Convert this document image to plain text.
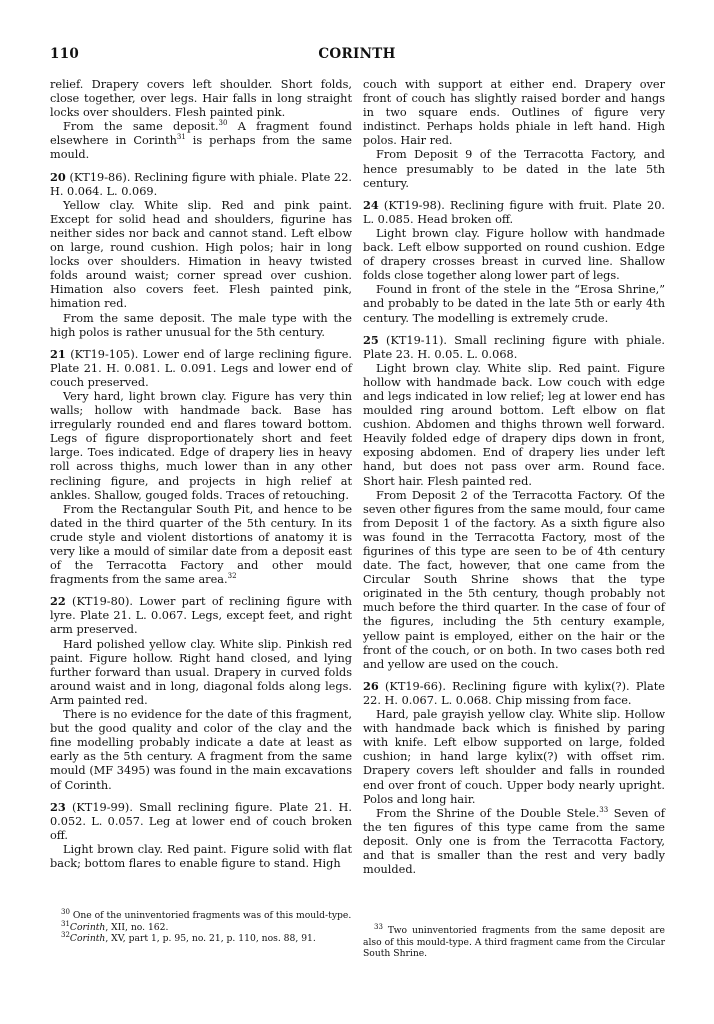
110	CORINTH

relief. Drapery covers left shoulder. Short folds, close together, over legs. Hair falls in long straight locks over shoulders. Flesh painted pink.

From the same deposit.$^{30}$ A fragment found elsewhere in Corinth$^{31}$ is perhaps from the same mould.

20 (KT19-86). Reclining figure with phiale. Plate 22. H. 0.064. L. 0.069.

Yellow clay. White slip. Red and pink paint. Except for solid head and shoulders, figurine has neither sides nor back and cannot stand. Left elbow on large, round cushion. High polos; hair in long locks over shoulders. Himation in heavy twisted folds around waist; corner spread over cushion. Himation also covers feet. Flesh painted pink, himation red.

From the same deposit. The male type with the high polos is rather unusual for the 5th century.

21 (KT19-105). Lower end of large reclining figure. Plate 21. H. 0.081. L. 0.091. Legs and lower end of couch preserved.

Very hard, light brown clay. Figure has very thin walls; hollow with handmade back. Base has irregularly rounded end and flares toward bottom. Legs of figure disproportionately short and feet large. Toes indicated. Edge of drapery lies in heavy roll across thighs, much lower than in any other reclining figure, and projects in high relief at ankles. Shallow, gouged folds. Traces of retouching.

From the Rectangular South Pit, and hence to be dated in the third quarter of the 5th century. In its crude style and violent distortions of anatomy it is very like a mould of similar date from a deposit east of the Terracotta Factory and other mould fragments from the same area.$^{32}$

22 (KT19-80). Lower part of reclining figure with lyre. Plate 21. L. 0.067. Legs, except feet, and right arm preserved.

Hard polished yellow clay. White slip. Pinkish red paint. Figure hollow. Right hand closed, and lying further forward than usual. Drapery in curved folds around waist and in long, diagonal folds along legs. Arm painted red.

There is no evidence for the date of this fragment, but the good quality and color of the clay and the fine modelling probably indicate a date at least as early as the 5th century. A fragment from the same mould (MF 3495) was found in the main excavations of Corinth.

23 (KT19-99). Small reclining figure. Plate 21. H. 0.052. L. 0.057. Leg at lower end of couch broken off.

Light brown clay. Red paint. Figure solid with flat back; bottom flares to enable figure to stand. High

$^{30}$ One of the uninventoried fragments was of this mould-type.

$^{31}$Corinth, XII, no. 162.

$^{32}$Corinth, XV, part 1, p. 95, no. 21, p. 110, nos. 88, 91.

couch with support at either end. Drapery over front of couch has slightly raised border and hangs in two square ends. Outlines of figure very indistinct. Perhaps holds phiale in left hand. High polos. Hair red.

From Deposit 9 of the Terracotta Factory, and hence presumably to be dated in the late 5th century.

24 (KT19-98). Reclining figure with fruit. Plate 20. L. 0.085. Head broken off.

Light brown clay. Figure hollow with handmade back. Left elbow supported on round cushion. Edge of drapery crosses breast in curved line. Shallow folds close together along lower part of legs.

Found in front of the stele in the “Erosa Shrine,” and probably to be dated in the late 5th or early 4th century. The modelling is extremely crude.

25 (KT19-11). Small reclining figure with phiale. Plate 23. H. 0.05. L. 0.068.

Light brown clay. White slip. Red paint. Figure hollow with handmade back. Low couch with edge and legs indicated in low relief; leg at lower end has moulded ring around bottom. Left elbow on flat cushion. Abdomen and thighs thrown well forward. Heavily folded edge of drapery dips down in front, exposing abdomen. End of drapery lies under left hand, but does not pass over arm. Round face. Short hair. Flesh painted red.

From Deposit 2 of the Terracotta Factory. Of the seven other figures from the same mould, four came from Deposit 1 of the factory. As a sixth figure also was found in the Terracotta Factory, most of the figurines of this type are seen to be of 4th century date. The fact, however, that one came from the Circular South Shrine shows that the type originated in the 5th century, though probably not much before the third quarter. In the case of four of the figures, including the 5th century example, yellow paint is employed, either on the hair or the front of the couch, or on both. In two cases both red and yellow are used on the couch.

26 (KT19-66). Reclining figure with kylix(?). Plate 22. H. 0.067. L. 0.068. Chip missing from face.

Hard, pale grayish yellow clay. White slip. Hollow with handmade back which is finished by paring with knife. Left elbow supported on large, folded cushion; in hand large kylix(?) with offset rim. Drapery covers left shoulder and falls in rounded end over front of couch. Upper body nearly upright. Polos and long hair.

From the Shrine of the Double Stele.$^{33}$ Seven of the ten figures of this type came from the same deposit. Only one is from the Terracotta Factory, and that is smaller than the rest and very badly moulded.

$^{33}$ Two uninventoried fragments from the same deposit are also of this mould-type. A third fragment came from the Circular South Shrine.
